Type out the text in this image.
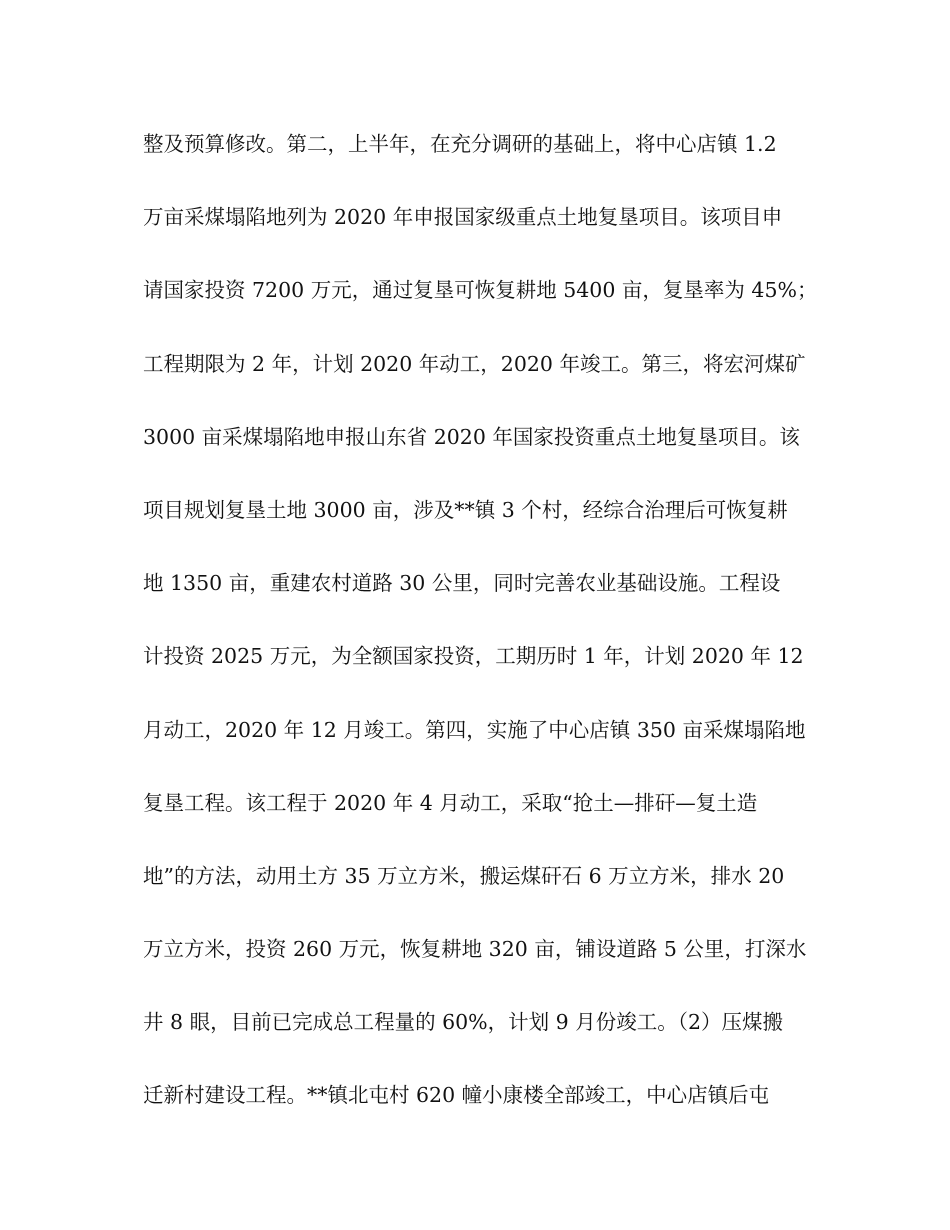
整及预算修改。第二，上半年，在充分调研的基础上，将中心店镇 1.2
万亩采煤塌陷地列为 2020 年申报国家级重点土地复垦项目。该项目申
请国家投资 7200 万元，通过复垦可恢复耕地 5400 亩，复垦率为 45%；
工程期限为 2 年，计划 2020 年动工，2020 年竣工。第三，将宏河煤矿
3000 亩采煤塌陷地申报山东省 2020 年国家投资重点土地复垦项目。该
项目规划复垦土地 3000 亩，涉及**镇 3 个村，经综合治理后可恢复耕
地 1350 亩，重建农村道路 30 公里，同时完善农业基础设施。工程设
计投资 2025 万元，为全额国家投资，工期历时 1 年，计划 2020 年 12
月动工，2020 年 12 月竣工。第四，实施了中心店镇 350 亩采煤塌陷地
复垦工程。该工程于 2020 年 4 月动工，采取“抢土—排矸—复土造
地”的方法，动用土方 35 万立方米，搬运煤矸石 6 万立方米，排水 20
万立方米，投资 260 万元，恢复耕地 320 亩，铺设道路 5 公里，打深水
井 8 眼，目前已完成总工程量的 60%，计划 9 月份竣工。（2）压煤搬
迁新村建设工程。**镇北屯村 620 幢小康楼全部竣工，中心店镇后屯
